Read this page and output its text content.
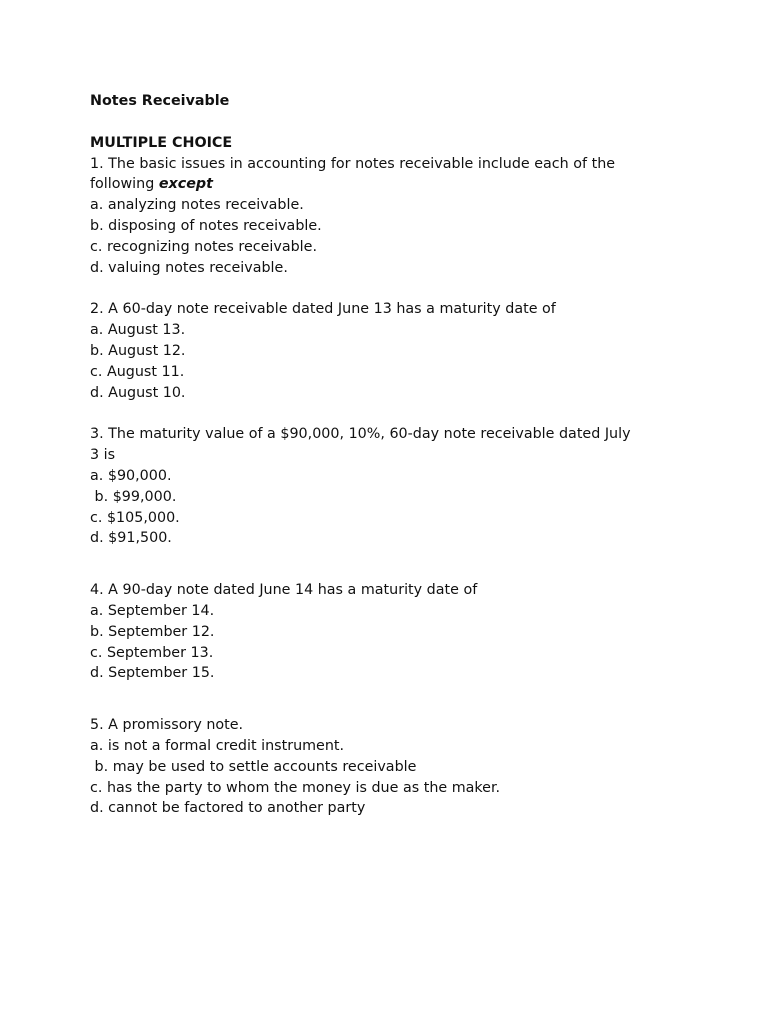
Notes Receivable
MULTIPLE CHOICE
1. The basic issues in accounting for notes receivable include each of the
following except
a. analyzing notes receivable.
b. disposing of notes receivable.
c. recognizing notes receivable.
d. valuing notes receivable.
2. A 60-day note receivable dated June 13 has a maturity date of
a. August 13.
b. August 12.
c. August 11.
d. August 10.
3. The maturity value of a $90,000, 10%, 60-day note receivable dated July
3 is
a. $90,000.
b. $99,000.
c. $105,000.
d. $91,500.
4. A 90-day note dated June 14 has a maturity date of
a. September 14.
b. September 12.
c. September 13.
d. September 15.
5. A promissory note.
a. is not a formal credit instrument.
b. may be used to settle accounts receivable
c. has the party to whom the money is due as the maker.
d. cannot be factored to another party
